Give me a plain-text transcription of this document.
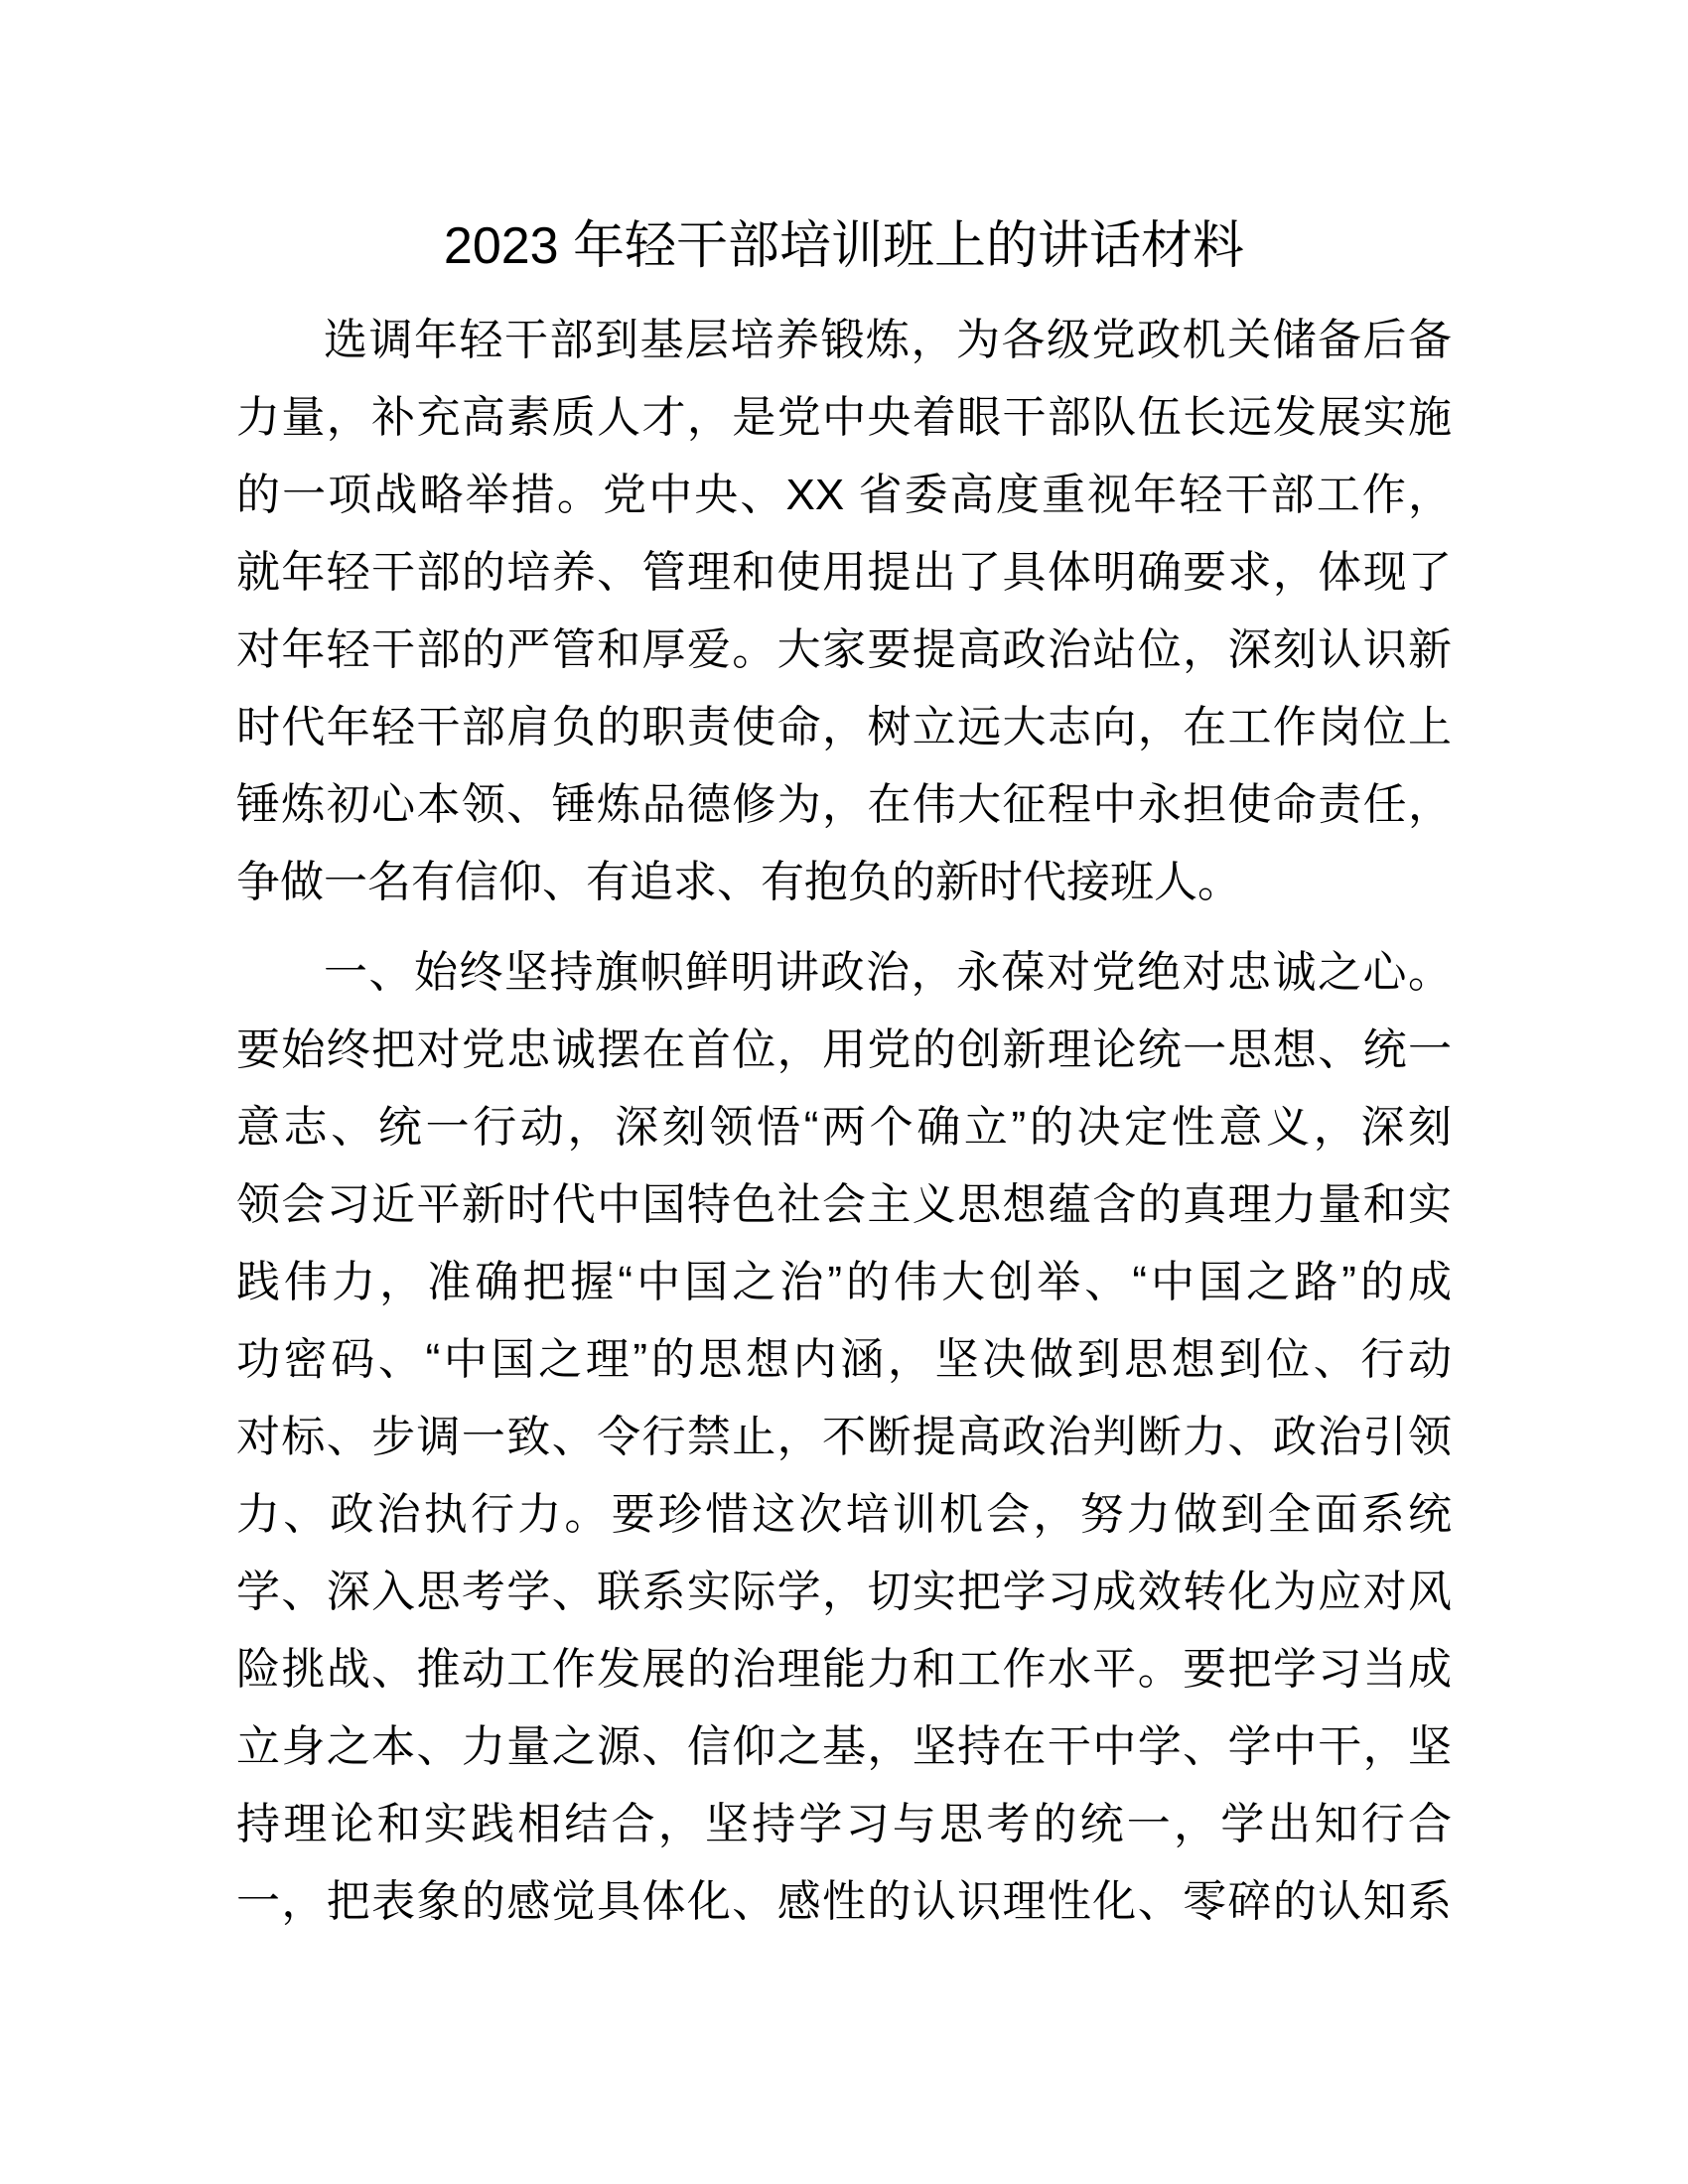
2023 年轻干部培训班上的讲话材料
选调年轻干部到基层培养锻炼，为各级党政机关储备后备
力量，补充高素质人才，是党中央着眼干部队伍长远发展实施
的一项战略举措。党中央、XX 省委高度重视年轻干部工作，
就年轻干部的培养、管理和使用提出了具体明确要求，体现了
对年轻干部的严管和厚爱。大家要提高政治站位，深刻认识新
时代年轻干部肩负的职责使命，树立远大志向，在工作岗位上
锤炼初心本领、锤炼品德修为，在伟大征程中永担使命责任，
争做一名有信仰、有追求、有抱负的新时代接班人。
一、始终坚持旗帜鲜明讲政治，永葆对党绝对忠诚之心。
要始终把对党忠诚摆在首位，用党的创新理论统一思想、统一
意志、统一行动，深刻领悟“两个确立”的决定性意义，深刻
领会习近平新时代中国特色社会主义思想蕴含的真理力量和实
践伟力，准确把握“中国之治”的伟大创举、“中国之路”的成
功密码、“中国之理”的思想内涵，坚决做到思想到位、行动
对标、步调一致、令行禁止，不断提高政治判断力、政治引领
力、政治执行力。要珍惜这次培训机会，努力做到全面系统
学、深入思考学、联系实际学，切实把学习成效转化为应对风
险挑战、推动工作发展的治理能力和工作水平。要把学习当成
立身之本、力量之源、信仰之基，坚持在干中学、学中干，坚
持理论和实践相结合，坚持学习与思考的统一，学出知行合
一，把表象的感觉具体化、感性的认识理性化、零碎的认知系
